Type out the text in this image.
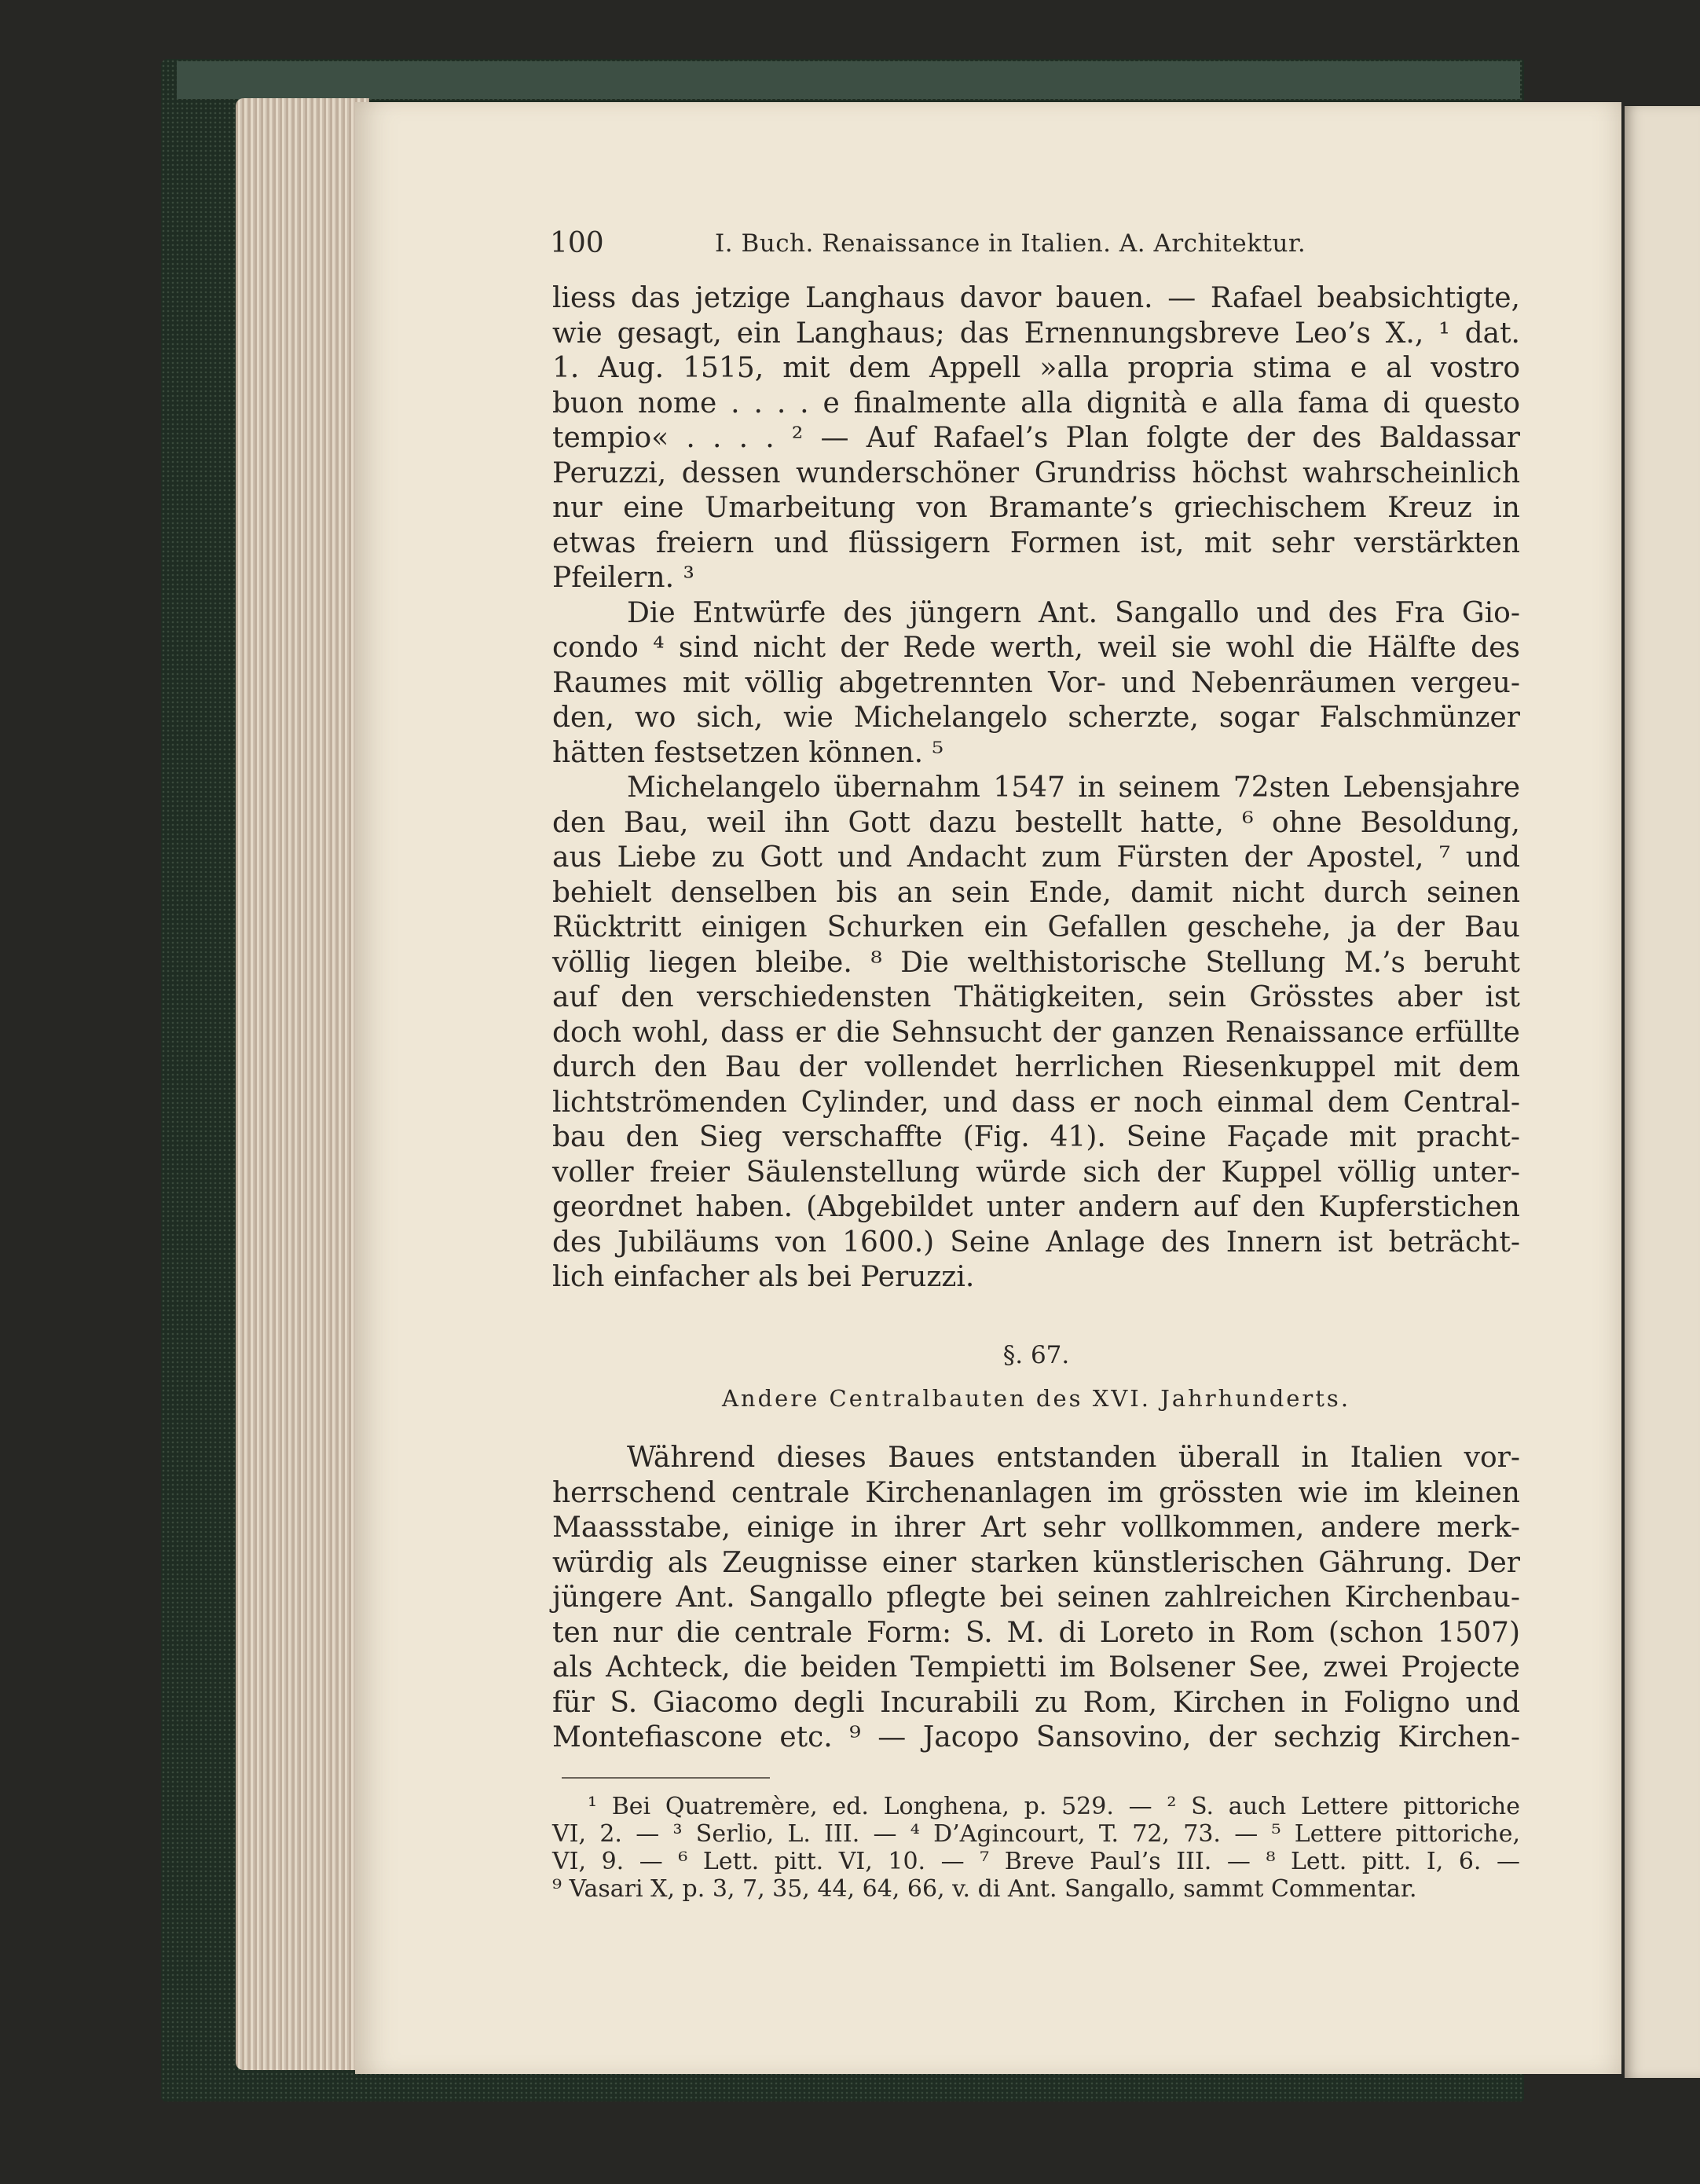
100	I. Buch. Renaissance in Italien. A. Architektur.
liess das jetzige Langhaus davor bauen. — Rafael beabsichtigte,
wie gesagt, ein Langhaus; das Ernennungsbreve Leo’s X., ¹ dat.
1. Aug. 1515, mit dem Appell »alla propria stima e al vostro
buon nome . . . . e finalmente alla dignità e alla fama di questo
tempio« . . . . ² — Auf Rafael’s Plan folgte der des Baldassar
Peruzzi, dessen wunderschöner Grundriss höchst wahrscheinlich
nur eine Umarbeitung von Bramante’s griechischem Kreuz in
etwas freiern und flüssigern Formen ist, mit sehr verstärkten
Pfeilern. ³
Die Entwürfe des jüngern Ant. Sangallo und des Fra Gio-
condo ⁴ sind nicht der Rede werth, weil sie wohl die Hälfte des
Raumes mit völlig abgetrennten Vor- und Nebenräumen vergeu-
den, wo sich, wie Michelangelo scherzte, sogar Falschmünzer
hätten festsetzen können. ⁵
Michelangelo übernahm 1547 in seinem 72sten Lebensjahre
den Bau, weil ihn Gott dazu bestellt hatte, ⁶ ohne Besoldung,
aus Liebe zu Gott und Andacht zum Fürsten der Apostel, ⁷ und
behielt denselben bis an sein Ende, damit nicht durch seinen
Rücktritt einigen Schurken ein Gefallen geschehe, ja der Bau
völlig liegen bleibe. ⁸ Die welthistorische Stellung M.’s beruht
auf den verschiedensten Thätigkeiten, sein Grösstes aber ist
doch wohl, dass er die Sehnsucht der ganzen Renaissance erfüllte
durch den Bau der vollendet herrlichen Riesenkuppel mit dem
lichtströmenden Cylinder, und dass er noch einmal dem Central-
bau den Sieg verschaffte (Fig. 41). Seine Façade mit pracht-
voller freier Säulenstellung würde sich der Kuppel völlig unter-
geordnet haben. (Abgebildet unter andern auf den Kupferstichen
des Jubiläums von 1600.) Seine Anlage des Innern ist beträcht-
lich einfacher als bei Peruzzi.
§. 67.
Andere Centralbauten des XVI. Jahrhunderts.
Während dieses Baues entstanden überall in Italien vor-
herrschend centrale Kirchenanlagen im grössten wie im kleinen
Maassstabe, einige in ihrer Art sehr vollkommen, andere merk-
würdig als Zeugnisse einer starken künstlerischen Gährung. Der
jüngere Ant. Sangallo pflegte bei seinen zahlreichen Kirchenbau-
ten nur die centrale Form: S. M. di Loreto in Rom (schon 1507)
als Achteck, die beiden Tempietti im Bolsener See, zwei Projecte
für S. Giacomo degli Incurabili zu Rom, Kirchen in Foligno und
Montefiascone etc. ⁹ — Jacopo Sansovino, der sechzig Kirchen-
¹ Bei Quatremère, ed. Longhena, p. 529. — ² S. auch Lettere pittoriche
VI, 2. — ³ Serlio, L. III. — ⁴ D’Agincourt, T. 72, 73. — ⁵ Lettere pittoriche,
VI, 9. — ⁶ Lett. pitt. VI, 10. — ⁷ Breve Paul’s III. — ⁸ Lett. pitt. I, 6. —
⁹ Vasari X, p. 3, 7, 35, 44, 64, 66, v. di Ant. Sangallo, sammt Commentar.
